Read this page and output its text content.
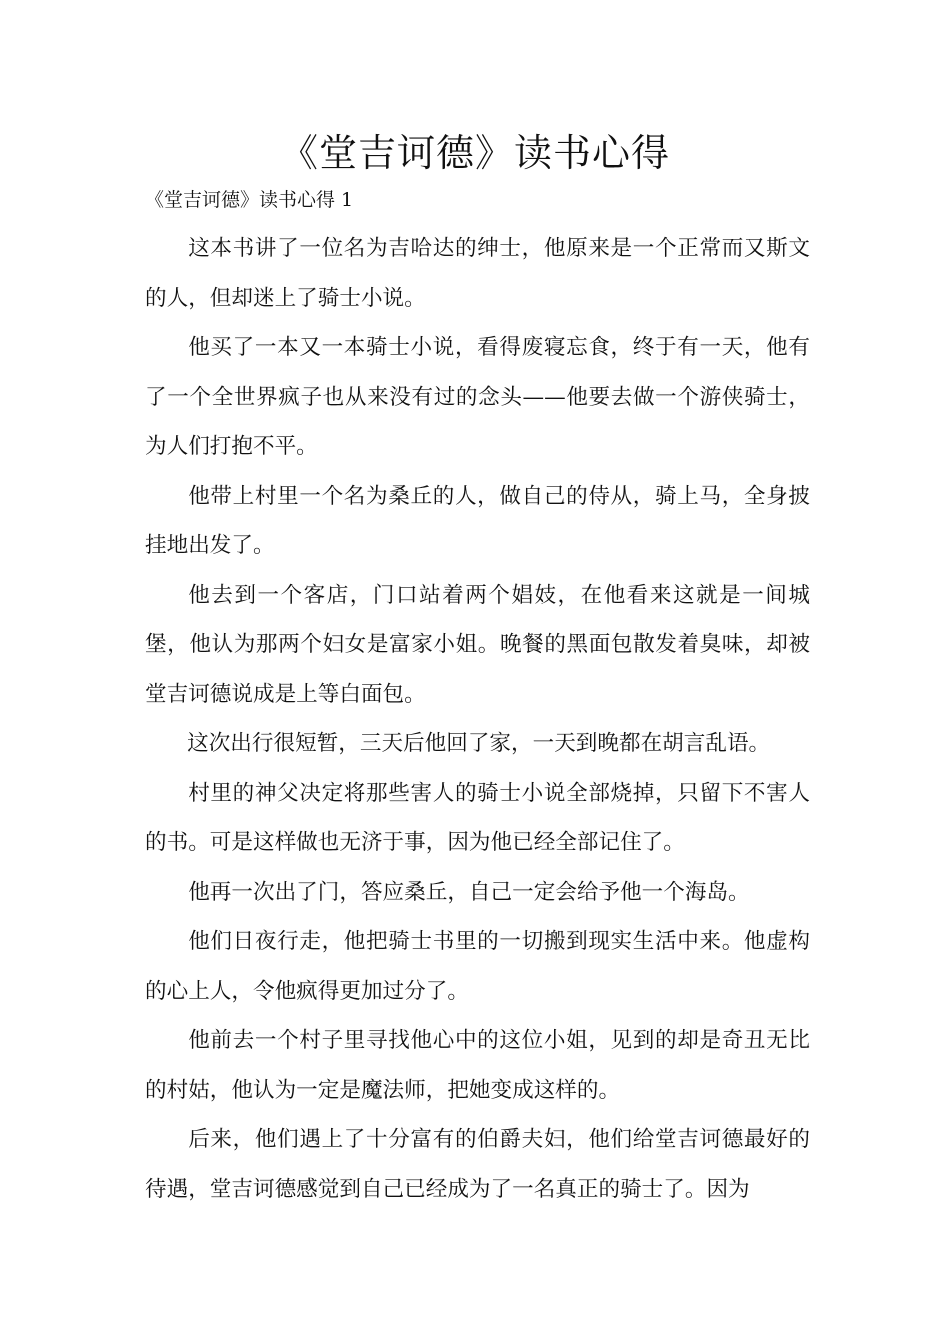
《堂吉诃德》读书心得
《堂吉诃德》读书心得 1

这本书讲了一位名为吉哈达的绅士，他原来是一个正常而又斯文的人，但却迷上了骑士小说。

他买了一本又一本骑士小说，看得废寝忘食，终于有一天，他有了一个全世界疯子也从来没有过的念头——他要去做一个游侠骑士，为人们打抱不平。

他带上村里一个名为桑丘的人，做自己的侍从，骑上马，全身披挂地出发了。

他去到一个客店，门口站着两个娼妓，在他看来这就是一间城堡，他认为那两个妇女是富家小姐。晚餐的黑面包散发着臭味，却被堂吉诃德说成是上等白面包。

这次出行很短暂，三天后他回了家，一天到晚都在胡言乱语。

村里的神父决定将那些害人的骑士小说全部烧掉，只留下不害人的书。可是这样做也无济于事，因为他已经全部记住了。

他再一次出了门，答应桑丘，自己一定会给予他一个海岛。

他们日夜行走，他把骑士书里的一切搬到现实生活中来。他虚构的心上人，令他疯得更加过分了。

他前去一个村子里寻找他心中的这位小姐，见到的却是奇丑无比的村姑，他认为一定是魔法师，把她变成这样的。

后来，他们遇上了十分富有的伯爵夫妇，他们给堂吉诃德最好的待遇，堂吉诃德感觉到自己已经成为了一名真正的骑士了。因为
